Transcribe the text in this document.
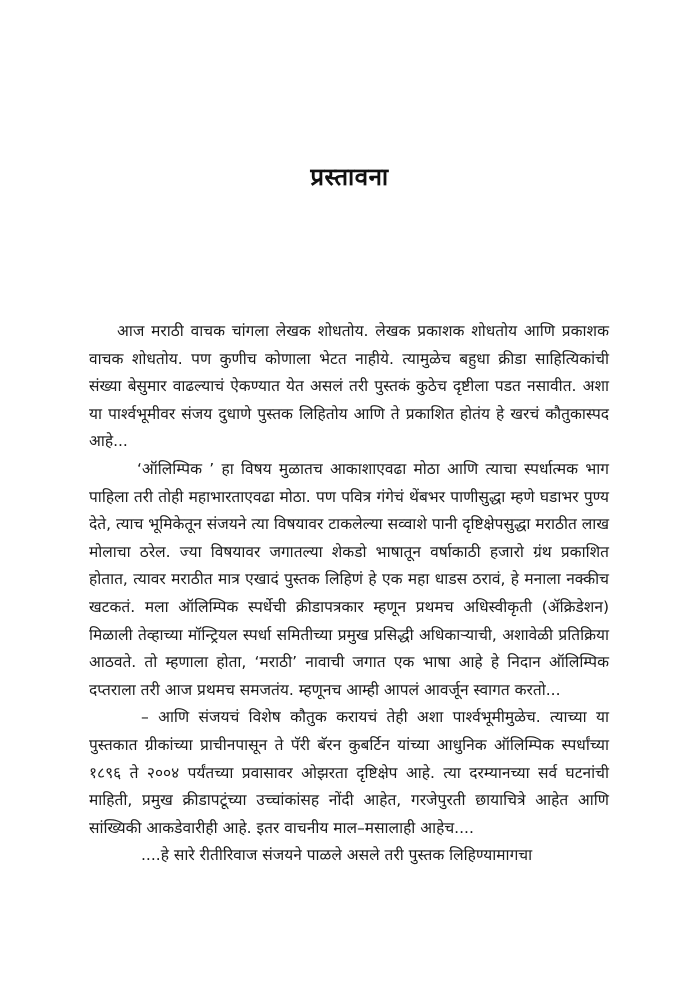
प्रस्तावना

आज मराठी वाचक चांगला लेखक शोधतोय. लेखक प्रकाशक शोधतोय आणि प्रकाशक वाचक शोधतोय. पण कुणीच कोणाला भेटत नाहीये. त्यामुळेच बहुधा क्रीडा साहित्यिकांची संख्या बेसुमार वाढल्याचं ऐकण्यात येत असलं तरी पुस्तकं कुठेच दृष्टीला पडत नसावीत. अशा या पार्श्वभूमीवर संजय दुधाणे पुस्तक लिहितोय आणि ते प्रकाशित होतंय हे खरचं कौतुकास्पद आहे...

‘ऑलिम्पिक ’ हा विषय मुळातच आकाशाएवढा मोठा आणि त्याचा स्पर्धात्मक भाग पाहिला तरी तोही महाभारताएवढा मोठा. पण पवित्र गंगेचं थेंबभर पाणीसुद्धा म्हणे घडाभर पुण्य देते, त्याच भूमिकेतून संजयने त्या विषयावर टाकलेल्या सव्वाशे पानी दृष्टिक्षेपसुद्धा मराठीत लाख मोलाचा ठरेल. ज्या विषयावर जगातल्या शेकडो भाषातून वर्षाकाठी हजारो ग्रंथ प्रकाशित होतात, त्यावर मराठीत मात्र एखादं पुस्तक लिहिणं हे एक महा धाडस ठरावं, हे मनाला नक्कीच खटकतं. मला ऑलिम्पिक स्पर्धेची क्रीडापत्रकार म्हणून प्रथमच अधिस्वीकृती (ॲक्रिडेशन) मिळाली तेव्हाच्या मॉन्ट्रियल स्पर्धा समितीच्या प्रमुख प्रसिद्धी अधिकाऱ्याची, अशावेळी प्रतिक्रिया आठवते. तो म्हणाला होता, ‘मराठी’ नावाची जगात एक भाषा आहे हे निदान ऑलिम्पिक दप्तराला तरी आज प्रथमच समजतंय. म्हणूनच आम्ही आपलं आवर्जून स्वागत करतो...

– आणि संजयचं विशेष कौतुक करायचं तेही अशा पार्श्वभूमीमुळेच. त्याच्या या पुस्तकात ग्रीकांच्या प्राचीनपासून ते पॅरी बॅरन कुबर्टिन यांच्या आधुनिक ऑलिम्पिक स्पर्धांच्या १८९६ ते २००४ पर्यंतच्या प्रवासावर ओझरता दृष्टिक्षेप आहे. त्या दरम्यानच्या सर्व घटनांची माहिती, प्रमुख क्रीडापटूंच्या उच्चांकांसह नोंदी आहेत, गरजेपुरती छायाचित्रे आहेत आणि सांख्यिकी आकडेवारीही आहे. इतर वाचनीय माल–मसालाही आहेच....

....हे सारे रीतीरिवाज संजयने पाळले असले तरी पुस्तक लिहिण्यामागचा
